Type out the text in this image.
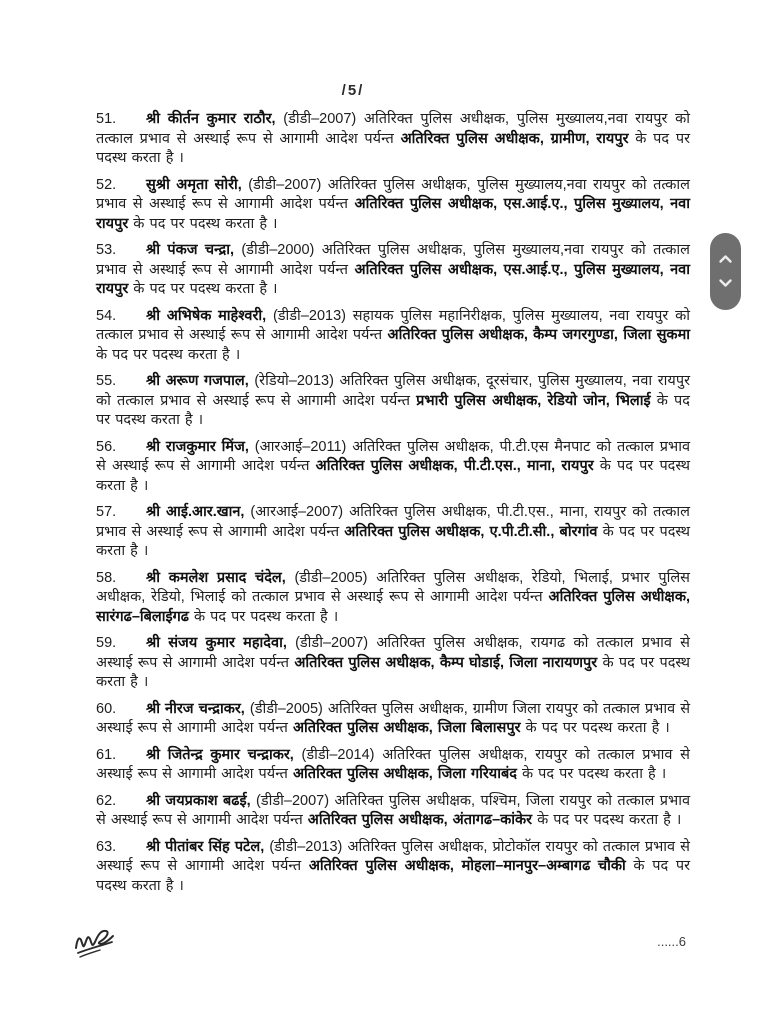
/5/

51. श्री कीर्तन कुमार राठौर, (डीडी–2007) अतिरिक्त पुलिस अधीक्षक, पुलिस मुख्यालय,नवा रायपुर को तत्काल प्रभाव से अस्थाई रूप से आगामी आदेश पर्यन्त अतिरिक्त पुलिस अधीक्षक, ग्रामीण, रायपुर के पद पर पदस्थ करता है ।

52. सुश्री अमृता सोरी, (डीडी–2007) अतिरिक्त पुलिस अधीक्षक, पुलिस मुख्यालय,नवा रायपुर को तत्काल प्रभाव से अस्थाई रूप से आगामी आदेश पर्यन्त अतिरिक्त पुलिस अधीक्षक, एस.आई.ए., पुलिस मुख्यालय, नवा रायपुर के पद पर पदस्थ करता है ।

53. श्री पंकज चन्द्रा, (डीडी–2000) अतिरिक्त पुलिस अधीक्षक, पुलिस मुख्यालय,नवा रायपुर को तत्काल प्रभाव से अस्थाई रूप से आगामी आदेश पर्यन्त अतिरिक्त पुलिस अधीक्षक, एस.आई.ए., पुलिस मुख्यालय, नवा रायपुर के पद पर पदस्थ करता है ।

54. श्री अभिषेक माहेश्वरी, (डीडी–2013) सहायक पुलिस महानिरीक्षक, पुलिस मुख्यालय, नवा रायपुर को तत्काल प्रभाव से अस्थाई रूप से आगामी आदेश पर्यन्त अतिरिक्त पुलिस अधीक्षक, कैम्प जगरगुण्डा, जिला सुकमा के पद पर पदस्थ करता है ।

55. श्री अरूण गजपाल, (रेडियो–2013) अतिरिक्त पुलिस अधीक्षक, दूरसंचार, पुलिस मुख्यालय, नवा रायपुर को तत्काल प्रभाव से अस्थाई रूप से आगामी आदेश पर्यन्त प्रभारी पुलिस अधीक्षक, रेडियो जोन, भिलाई के पद पर पदस्थ करता है ।

56. श्री राजकुमार मिंज, (आरआई–2011) अतिरिक्त पुलिस अधीक्षक, पी.टी.एस मैनपाट को तत्काल प्रभाव से अस्थाई रूप से आगामी आदेश पर्यन्त अतिरिक्त पुलिस अधीक्षक, पी.टी.एस., माना, रायपुर के पद पर पदस्थ करता है ।

57. श्री आई.आर.खान, (आरआई–2007) अतिरिक्त पुलिस अधीक्षक, पी.टी.एस., माना, रायपुर को तत्काल प्रभाव से अस्थाई रूप से आगामी आदेश पर्यन्त अतिरिक्त पुलिस अधीक्षक, ए.पी.टी.सी., बोरगांव के पद पर पदस्थ करता है ।

58. श्री कमलेश प्रसाद चंदेल, (डीडी–2005) अतिरिक्त पुलिस अधीक्षक, रेडियो, भिलाई, प्रभार पुलिस अधीक्षक, रेडियो, भिलाई को तत्काल प्रभाव से अस्थाई रूप से आगामी आदेश पर्यन्त अतिरिक्त पुलिस अधीक्षक, सारंगढ–बिलाईगढ के पद पर पदस्थ करता है ।

59. श्री संजय कुमार महादेवा, (डीडी–2007) अतिरिक्त पुलिस अधीक्षक, रायगढ को तत्काल प्रभाव से अस्थाई रूप से आगामी आदेश पर्यन्त अतिरिक्त पुलिस अधीक्षक, कैम्प घोडाई, जिला नारायणपुर के पद पर पदस्थ करता है ।

60. श्री नीरज चन्द्राकर, (डीडी–2005) अतिरिक्त पुलिस अधीक्षक, ग्रामीण जिला रायपुर को तत्काल प्रभाव से अस्थाई रूप से आगामी आदेश पर्यन्त अतिरिक्त पुलिस अधीक्षक, जिला बिलासपुर के पद पर पदस्थ करता है ।

61. श्री जितेन्द्र कुमार चन्द्राकर, (डीडी–2014) अतिरिक्त पुलिस अधीक्षक, रायपुर को तत्काल प्रभाव से अस्थाई रूप से आगामी आदेश पर्यन्त अतिरिक्त पुलिस अधीक्षक, जिला गरियाबंद के पद पर पदस्थ करता है ।

62. श्री जयप्रकाश बढई, (डीडी–2007) अतिरिक्त पुलिस अधीक्षक, पश्चिम, जिला रायपुर को तत्काल प्रभाव से अस्थाई रूप से आगामी आदेश पर्यन्त अतिरिक्त पुलिस अधीक्षक, अंतागढ–कांकेर के पद पर पदस्थ करता है ।

63. श्री पीतांबर सिंह पटेल, (डीडी–2013) अतिरिक्त पुलिस अधीक्षक, प्रोटोकॉल रायपुर को तत्काल प्रभाव से अस्थाई रूप से आगामी आदेश पर्यन्त अतिरिक्त पुलिस अधीक्षक, मोहला–मानपुर–अम्बागढ चौकी के पद पर पदस्थ करता है ।

......6
